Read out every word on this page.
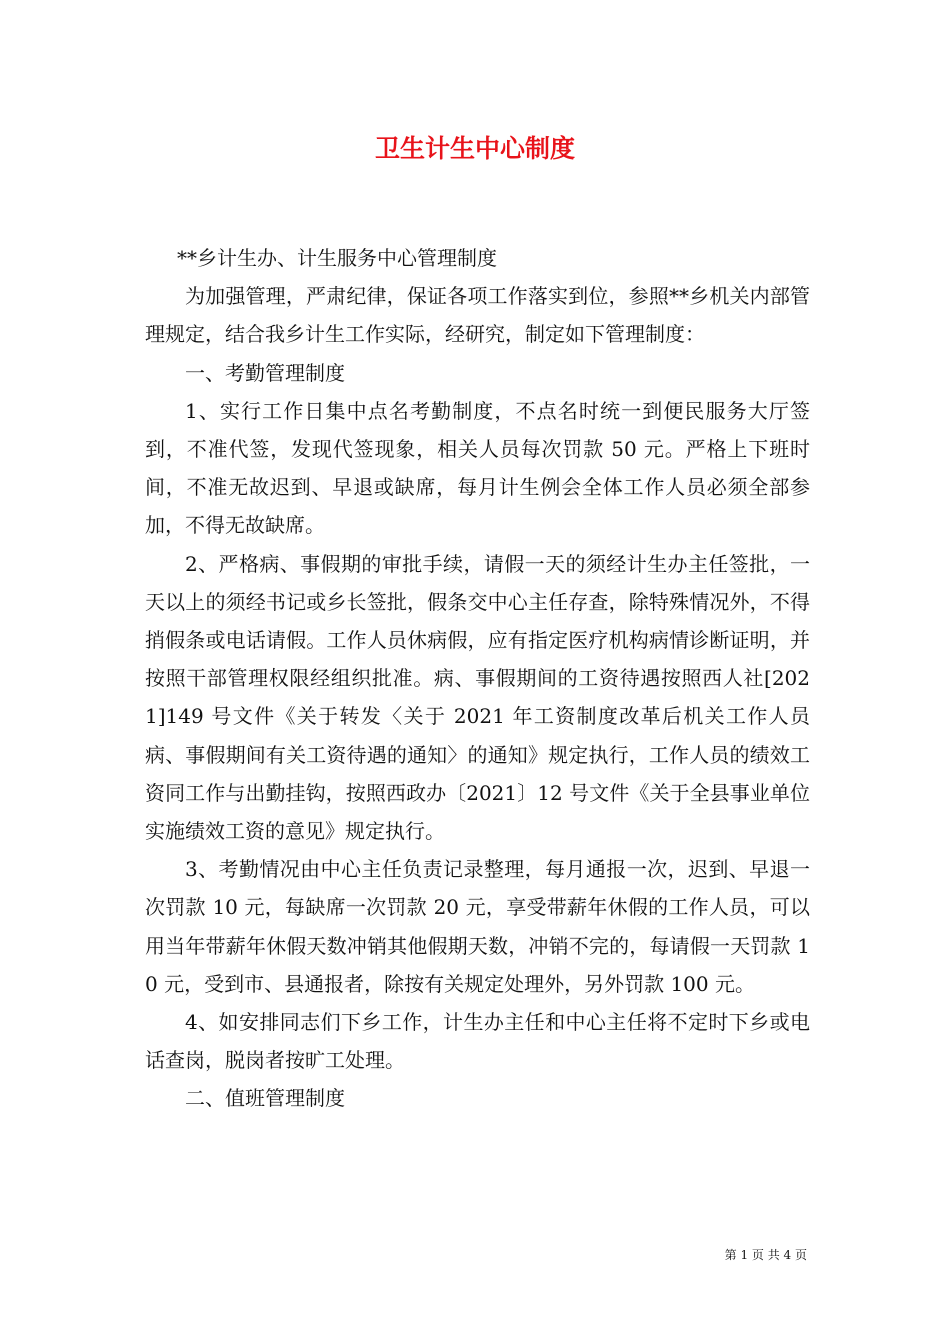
卫生计生中心制度

**乡计生办、计生服务中心管理制度

为加强管理，严肃纪律，保证各项工作落实到位，参照**乡机关内部管理规定，结合我乡计生工作实际，经研究，制定如下管理制度：

一、考勤管理制度

1、实行工作日集中点名考勤制度，不点名时统一到便民服务大厅签到，不准代签，发现代签现象，相关人员每次罚款 50 元。严格上下班时间，不准无故迟到、早退或缺席，每月计生例会全体工作人员必须全部参加，不得无故缺席。

2、严格病、事假期的审批手续，请假一天的须经计生办主任签批，一天以上的须经书记或乡长签批，假条交中心主任存查，除特殊情况外，不得捎假条或电话请假。工作人员休病假，应有指定医疗机构病情诊断证明，并按照干部管理权限经组织批准。病、事假期间的工资待遇按照西人社[2021]149 号文件《关于转发〈关于 2021 年工资制度改革后机关工作人员病、事假期间有关工资待遇的通知〉的通知》规定执行，工作人员的绩效工资同工作与出勤挂钩，按照西政办〔2021〕12 号文件《关于全县事业单位实施绩效工资的意见》规定执行。

3、考勤情况由中心主任负责记录整理，每月通报一次，迟到、早退一次罚款 10 元，每缺席一次罚款 20 元，享受带薪年休假的工作人员，可以用当年带薪年休假天数冲销其他假期天数，冲销不完的，每请假一天罚款 10 元，受到市、县通报者，除按有关规定处理外，另外罚款 100 元。

4、如安排同志们下乡工作，计生办主任和中心主任将不定时下乡或电话查岗，脱岗者按旷工处理。

二、值班管理制度

第 1 页 共 4 页
